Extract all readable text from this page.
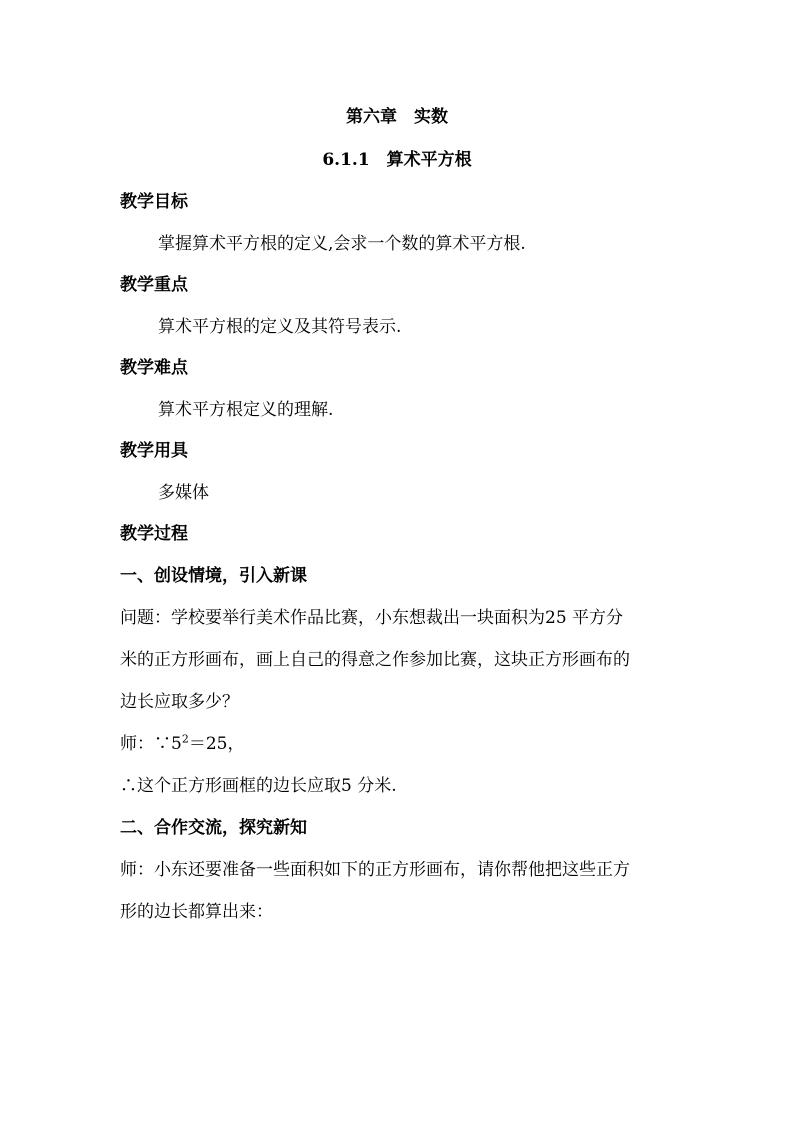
第六章　实数
6.1.1　算术平方根
教学目标
掌握算术平方根的定义,会求一个数的算术平方根.
教学重点
算术平方根的定义及其符号表示.
教学难点
算术平方根定义的理解.
教学用具
多媒体
教学过程
一、创设情境，引入新课
问题：学校要举行美术作品比赛，小东想裁出一块面积为25 平方分
米的正方形画布，画上自己的得意之作参加比赛，这块正方形画布的
边长应取多少？
师：$\because 5^2=25$，
∴这个正方形画框的边长应取5 分米.
二、合作交流，探究新知
师：小东还要准备一些面积如下的正方形画布，请你帮他把这些正方
形的边长都算出来：
